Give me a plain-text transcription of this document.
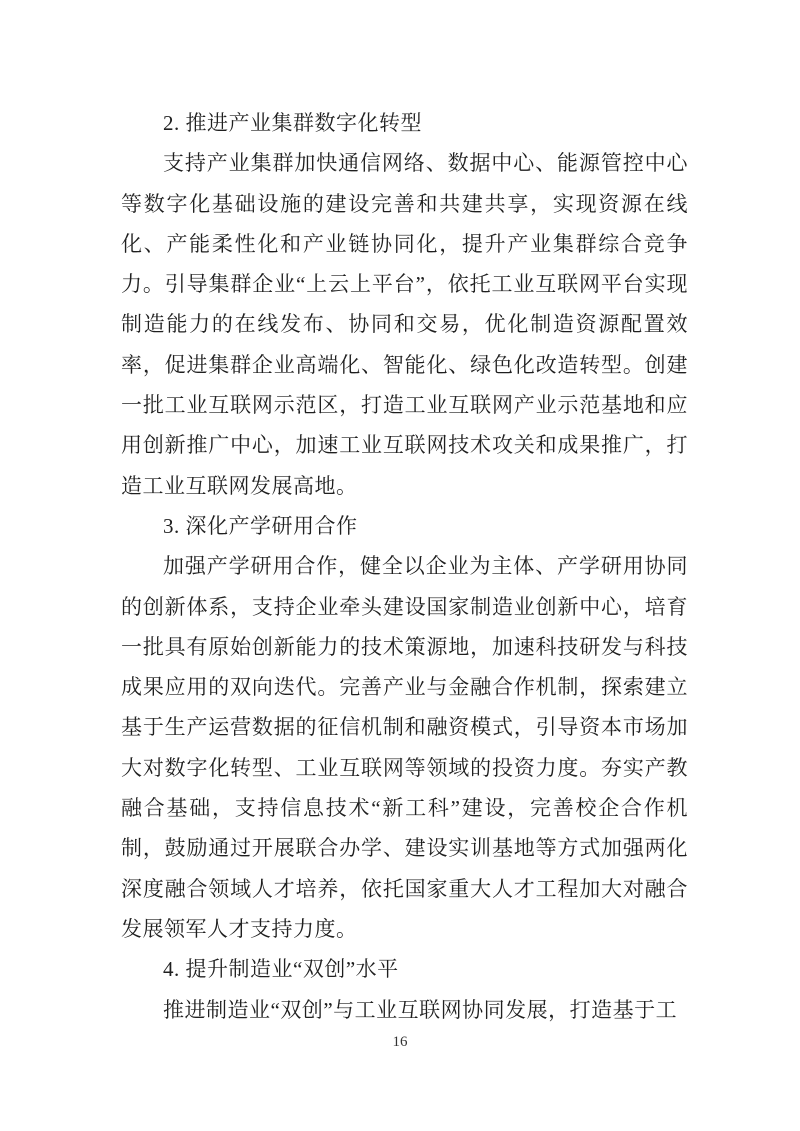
2. 推进产业集群数字化转型

支持产业集群加快通信网络、数据中心、能源管控中心等数字化基础设施的建设完善和共建共享，实现资源在线化、产能柔性化和产业链协同化，提升产业集群综合竞争力。引导集群企业“上云上平台”，依托工业互联网平台实现制造能力的在线发布、协同和交易，优化制造资源配置效率，促进集群企业高端化、智能化、绿色化改造转型。创建一批工业互联网示范区，打造工业互联网产业示范基地和应用创新推广中心，加速工业互联网技术攻关和成果推广，打造工业互联网发展高地。

3. 深化产学研用合作

加强产学研用合作，健全以企业为主体、产学研用协同的创新体系，支持企业牵头建设国家制造业创新中心，培育一批具有原始创新能力的技术策源地，加速科技研发与科技成果应用的双向迭代。完善产业与金融合作机制，探索建立基于生产运营数据的征信机制和融资模式，引导资本市场加大对数字化转型、工业互联网等领域的投资力度。夯实产教融合基础，支持信息技术“新工科”建设，完善校企合作机制，鼓励通过开展联合办学、建设实训基地等方式加强两化深度融合领域人才培养，依托国家重大人才工程加大对融合发展领军人才支持力度。

4. 提升制造业“双创”水平

推进制造业“双创”与工业互联网协同发展，打造基于工

16
